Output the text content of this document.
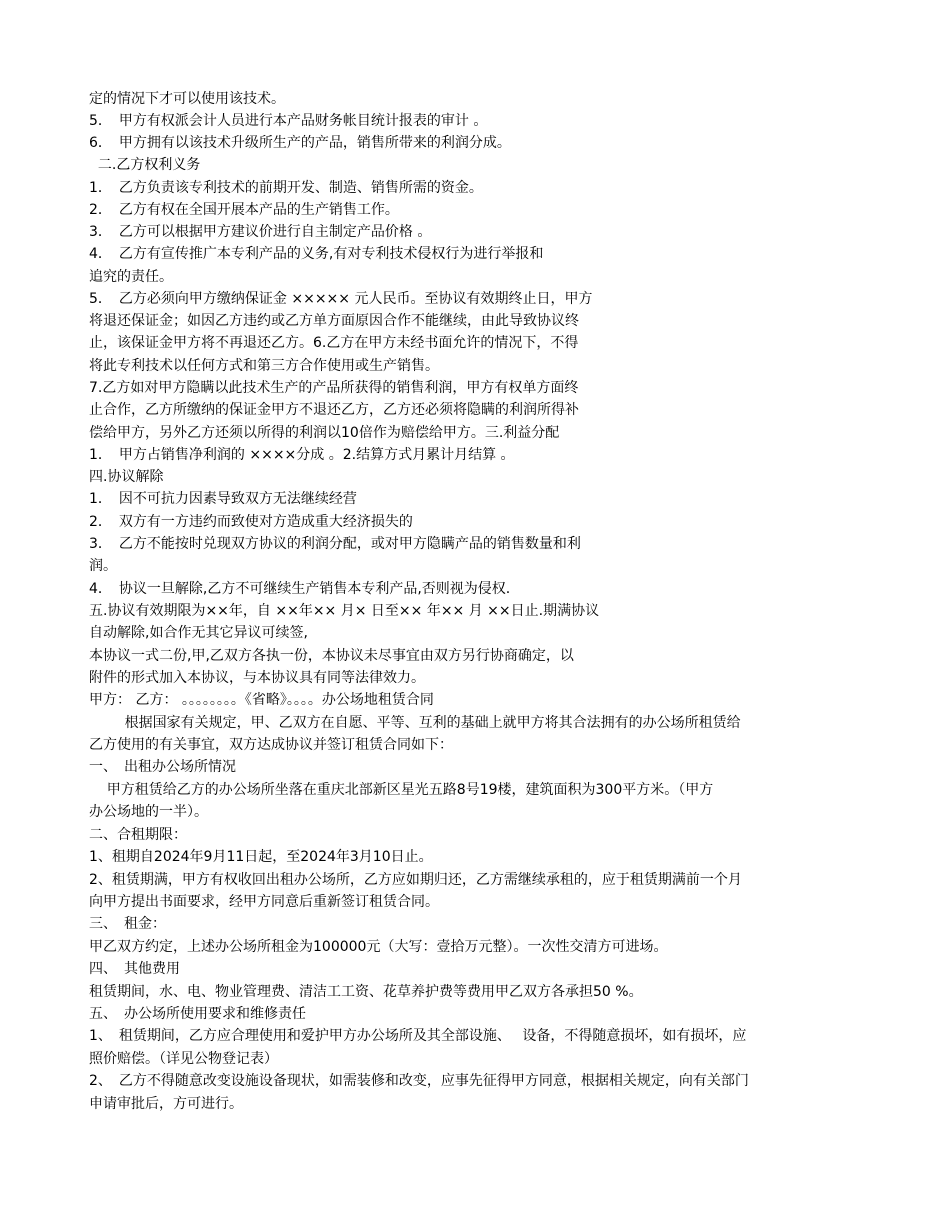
定的情况下才可以使用该技术。
5．　甲方有权派会计人员进行本产品财务帐目统计报表的审计 。
6．　甲方拥有以该技术升级所生产的产品，销售所带来的利润分成。
二.乙方权利义务
1．　乙方负责该专利技术的前期开发、制造、销售所需的资金。
2．　乙方有权在全国开展本产品的生产销售工作。
3．　乙方可以根据甲方建议价进行自主制定产品价格 。
4．　乙方有宣传推广本专利产品的义务,有对专利技术侵权行为进行举报和
追究的责任。
5．　乙方必须向甲方缴纳保证金 ××××× 元人民币。至协议有效期终止日，甲方
将退还保证金；如因乙方违约或乙方单方面原因合作不能继续，由此导致协议终
止，该保证金甲方将不再退还乙方。6.乙方在甲方未经书面允许的情况下，不得
将此专利技术以任何方式和第三方合作使用或生产销售。
7.乙方如对甲方隐瞒以此技术生产的产品所获得的销售利润，甲方有权单方面终
止合作，乙方所缴纳的保证金甲方不退还乙方，乙方还必须将隐瞒的利润所得补
偿给甲方，另外乙方还须以所得的利润以10倍作为赔偿给甲方。三.利益分配
1．　甲方占销售净利润的 ××××分成 。2.结算方式月累计月结算 。
四.协议解除
1．　因不可抗力因素导致双方无法继续经营
2．　双方有一方违约而致使对方造成重大经济损失的
3．　乙方不能按时兑现双方协议的利润分配，或对甲方隐瞒产品的销售数量和利
润。
4．　协议一旦解除,乙方不可继续生产销售本专利产品,否则视为侵权.
五.协议有效期限为××年，自 ××年×× 月× 日至×× 年×× 月 ××日止.期满协议
自动解除,如合作无其它异议可续签,
本协议一式二份,甲,乙双方各执一份，本协议未尽事宜由双方另行协商确定，以
附件的形式加入本协议，与本协议具有同等法律效力。
甲方： 乙方： 。。。。。。。。《省略》。。。。办公场地租赁合同
根据国家有关规定，甲、乙双方在自愿、平等、互利的基础上就甲方将其合法拥有的办公场所租赁给
乙方使用的有关事宜，双方达成协议并签订租赁合同如下：
一、　出租办公场所情况
甲方租赁给乙方的办公场所坐落在重庆北部新区星光五路8号19楼，建筑面积为300平方米。（甲方
办公场地的一半）。
二、合租期限：
1、租期自2024年9月11日起，至2024年3月10日止。
2、租赁期满，甲方有权收回出租办公场所，乙方应如期归还，乙方需继续承租的，应于租赁期满前一个月
向甲方提出书面要求，经甲方同意后重新签订租赁合同。
三、　租金：
甲乙双方约定，上述办公场所租金为100000元（大写：壹拾万元整）。一次性交清方可进场。
四、　其他费用
租赁期间，水、电、物业管理费、清洁工工资、花草养护费等费用甲乙双方各承担50 %。
五、　办公场所使用要求和维修责任
1、　租赁期间，乙方应合理使用和爱护甲方办公场所及其全部设施、　 设备，不得随意损坏，如有损坏，应
照价赔偿。（详见公物登记表）
2、　乙方不得随意改变设施设备现状，如需装修和改变，应事先征得甲方同意，根据相关规定，向有关部门
申请审批后，方可进行。
